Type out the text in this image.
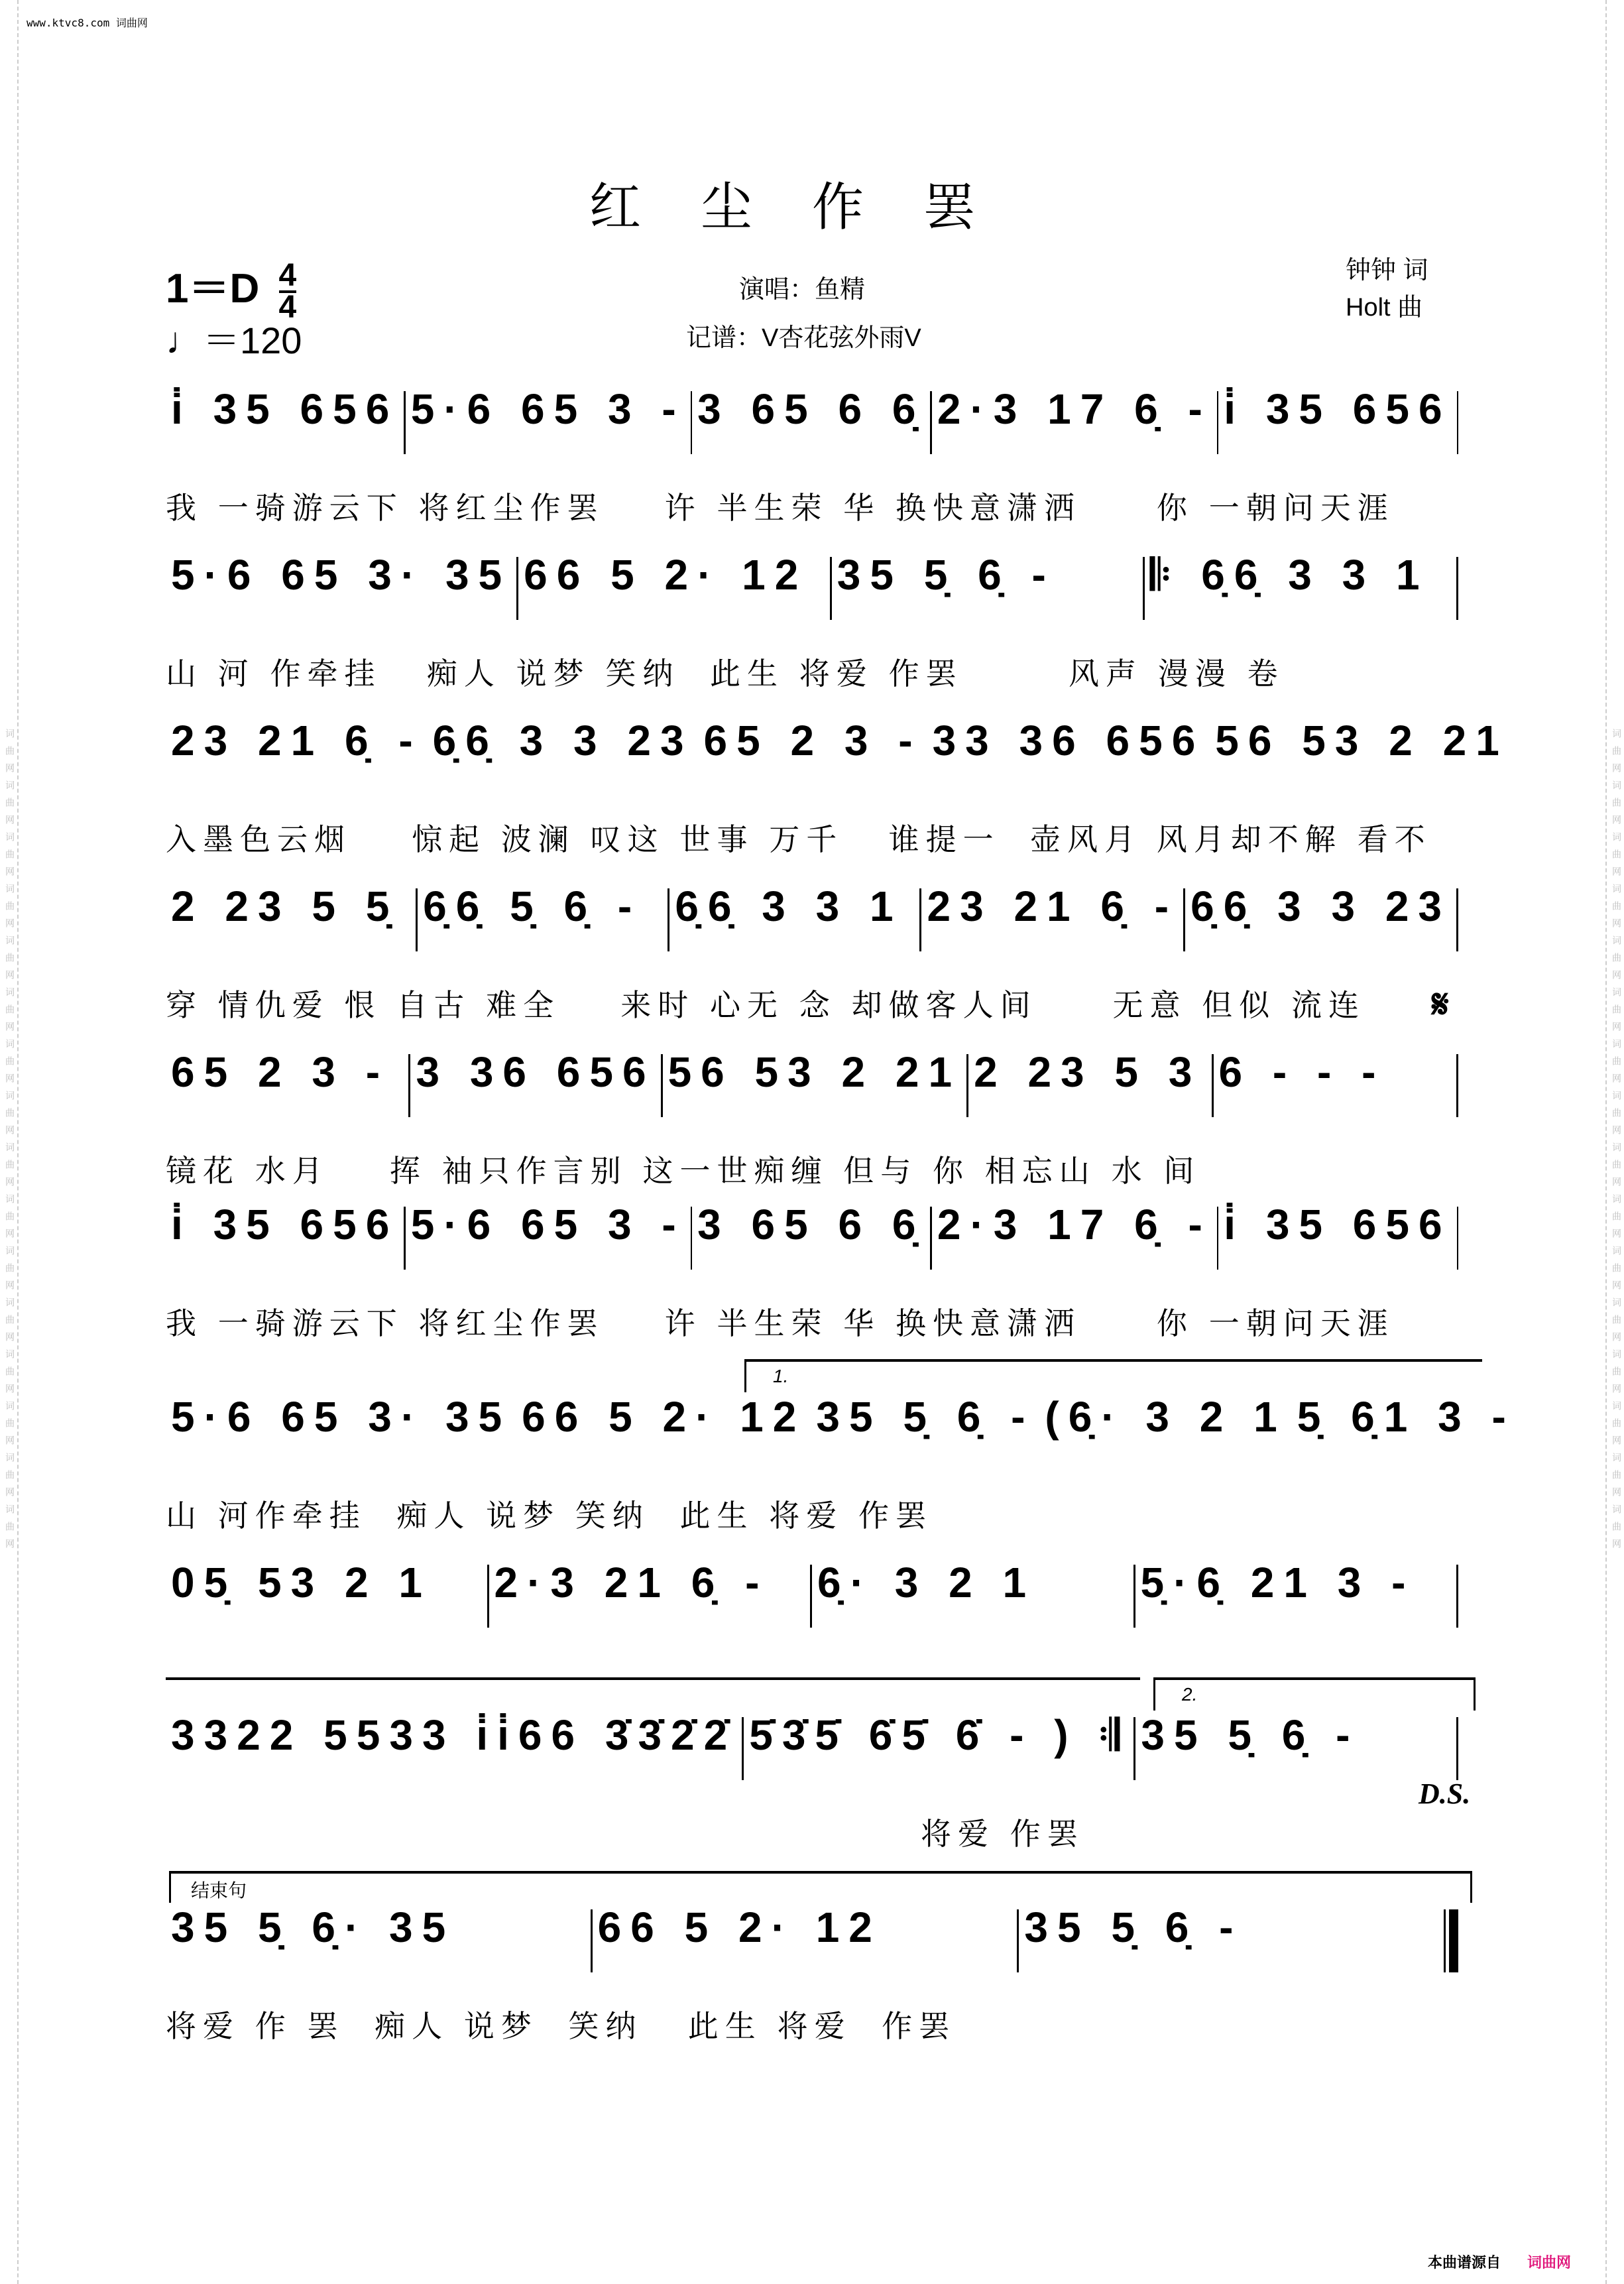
词曲网词曲网词曲网词曲网词曲网词曲网词曲网词曲网词曲网词曲网词曲网词曲网词曲网词曲网词曲网词曲网	词曲网词曲网词曲网词曲网词曲网词曲网词曲网词曲网词曲网词曲网词曲网词曲网词曲网词曲网词曲网词曲网
www.ktvc8.com 词曲网
红尘作罢
$1=D \frac{4}{4}$
♩＝120
演唱：鱼精
记谱：V杏花弦外雨V
钟钟 词
Holt 曲
i̇ 35 656 5·6 65 3 - 3 65 6 6̣ 2·3 17 6̣ - i̇ 35 656
我 一骑游云下 将红尘作罢    许 半生荣 华 换快意潇洒     你 一朝问天涯
5·6 65 3· 35 66 5 2· 12 35 5̣ 6̣ -	𝄆 6̣6̣ 3 3 1
山 河 作牵挂   痴人 说梦 笑纳  此生 将爱 作罢       风声 漫漫 卷
23 21 6̣ - 6̣6̣ 3 3 23 65 2 3 - 33 36 656 56 53 2 21
入墨色云烟    惊起 波澜 叹这 世事 万千   谁提一  壶风月 风月却不解 看不
2 23 5 5̣ 6̣6̣ 5̣ 6̣ - 6̣6̣ 3 3 1 23 21 6̣ - 6̣6̣ 3 3 23
穿 情仇爱 恨 自古 难全    来时 心无 念 却做客人间     无意 但似 流连
65 2 3 - 3 36 656 56 53 2 21 2 23 5 3 6 - - -
镜花 水月    挥 袖只作言别 这一世痴缠 但与 你 相忘山 水 间
i̇ 35 656 5·6 65 3 - 3 65 6 6̣ 2·3 17 6̣ - i̇ 35 656
我 一骑游云下 将红尘作罢    许 半生荣 华 换快意潇洒     你 一朝问天涯
5·6 65 3· 35 66 5 2· 12 35 5̣ 6̣ - (6̣· 3 2 1 5̣ 6̣1 3 -
山 河作牵挂  痴人 说梦 笑纳  此生 将爱 作罢
05̣ 53 2 1	2·3 21 6̣ -	6̣· 3 2 1	5̣·6̣ 21 3 -
3322 5533 i̇i̇66 3̇3̇2̇2̇ 5̇3̇5̇ 6̇5̇ 6̇ - ) 𝄇 35 5̣ 6̣ -
将爱 作罢
35 5̣ 6̣· 35	66 5 2· 12	35 5̣ 6̣ -
将爱 作 罢  痴人 说梦  笑纳   此生 将爱  作罢
1.
2.
𝄋
D.S.
结束句
本曲谱源自 词曲网
